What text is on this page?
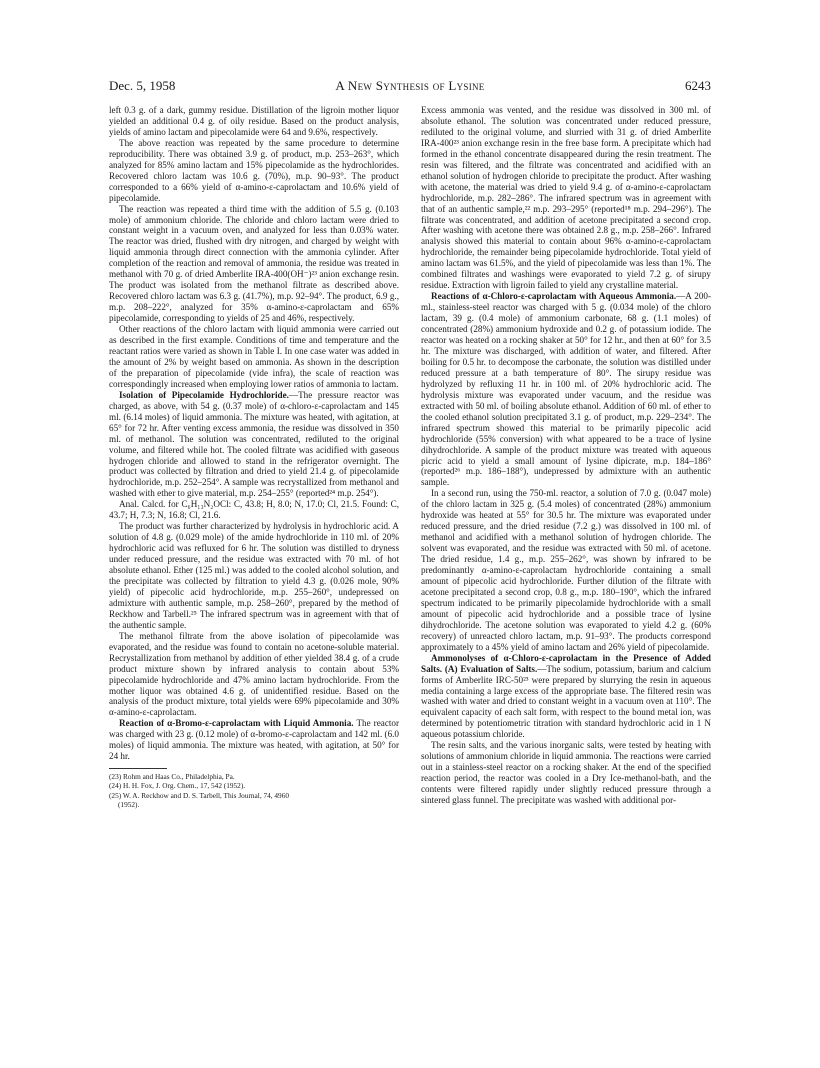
Dec. 5, 1958	A New Synthesis of Lysine	6243

left 0.3 g. of a dark, gummy residue. Distillation of the ligroin mother liquor yielded an additional 0.4 g. of oily residue. Based on the product analysis, yields of amino lactam and pipecolamide were 64 and 9.6%, respectively.

The above reaction was repeated by the same procedure to determine reproducibility. There was obtained 3.9 g. of product, m.p. 253–263°, which analyzed for 85% amino lactam and 15% pipecolamide as the hydrochlorides. Recovered chloro lactam was 10.6 g. (70%), m.p. 90–93°. The product corresponded to a 66% yield of α-amino-ε-caprolactam and 10.6% yield of pipecolamide.

The reaction was repeated a third time with the addition of 5.5 g. (0.103 mole) of ammonium chloride. The chloride and chloro lactam were dried to constant weight in a vacuum oven, and analyzed for less than 0.03% water. The reactor was dried, flushed with dry nitrogen, and charged by weight with liquid ammonia through direct connection with the ammonia cylinder. After completion of the reaction and removal of ammonia, the residue was treated in methanol with 70 g. of dried Amberlite IRA-400(OH⁻)²³ anion exchange resin. The product was isolated from the methanol filtrate as described above. Recovered chloro lactam was 6.3 g. (41.7%), m.p. 92–94°. The product, 6.9 g., m.p. 208–222°, analyzed for 35% α-amino-ε-caprolactam and 65% pipecolamide, corresponding to yields of 25 and 46%, respectively.

Other reactions of the chloro lactam with liquid ammonia were carried out as described in the first example. Conditions of time and temperature and the reactant ratios were varied as shown in Table I. In one case water was added in the amount of 2% by weight based on ammonia. As shown in the description of the preparation of pipecolamide (vide infra), the scale of reaction was correspondingly increased when employing lower ratios of ammonia to lactam.

Isolation of Pipecolamide Hydrochloride.—The pressure reactor was charged, as above, with 54 g. (0.37 mole) of α-chloro-ε-caprolactam and 145 ml. (6.14 moles) of liquid ammonia. The mixture was heated, with agitation, at 65° for 72 hr. After venting excess ammonia, the residue was dissolved in 350 ml. of methanol. The solution was concentrated, rediluted to the original volume, and filtered while hot. The cooled filtrate was acidified with gaseous hydrogen chloride and allowed to stand in the refrigerator overnight. The product was collected by filtration and dried to yield 21.4 g. of pipecolamide hydrochloride, m.p. 252–254°. A sample was recrystallized from methanol and washed with ether to give material, m.p. 254–255° (reported²⁴ m.p. 254°).

Anal. Calcd. for C₆H₁₃N₂OCl: C, 43.8; H, 8.0; N, 17.0; Cl, 21.5. Found: C, 43.7; H, 7.3; N, 16.8; Cl, 21.6.

The product was further characterized by hydrolysis in hydrochloric acid. A solution of 4.8 g. (0.029 mole) of the amide hydrochloride in 110 ml. of 20% hydrochloric acid was refluxed for 6 hr. The solution was distilled to dryness under reduced pressure, and the residue was extracted with 70 ml. of hot absolute ethanol. Ether (125 ml.) was added to the cooled alcohol solution, and the precipitate was collected by filtration to yield 4.3 g. (0.026 mole, 90% yield) of pipecolic acid hydrochloride, m.p. 255–260°, undepressed on admixture with authentic sample, m.p. 258–260°, prepared by the method of Reckhow and Tarbell.²⁵ The infrared spectrum was in agreement with that of the authentic sample.

The methanol filtrate from the above isolation of pipecolamide was evaporated, and the residue was found to contain no acetone-soluble material. Recrystallization from methanol by addition of ether yielded 38.4 g. of a crude product mixture shown by infrared analysis to contain about 53% pipecolamide hydrochloride and 47% amino lactam hydrochloride. From the mother liquor was obtained 4.6 g. of unidentified residue. Based on the analysis of the product mixture, total yields were 69% pipecolamide and 30% α-amino-ε-caprolactam.

Reaction of α-Bromo-ε-caprolactam with Liquid Ammonia. The reactor was charged with 23 g. (0.12 mole) of α-bromo-ε-caprolactam and 142 ml. (6.0 moles) of liquid ammonia. The mixture was heated, with agitation, at 50° for 24 hr.

(23) Rohm and Haas Co., Philadelphia, Pa.

(24) H. H. Fox, J. Org. Chem., 17, 542 (1952).

(25) W. A. Reckhow and D. S. Tarbell, This Journal, 74, 4960

(1952).

Excess ammonia was vented, and the residue was dissolved in 300 ml. of absolute ethanol. The solution was concentrated under reduced pressure, rediluted to the original volume, and slurried with 31 g. of dried Amberlite IRA-400²³ anion exchange resin in the free base form. A precipitate which had formed in the ethanol concentrate disappeared during the resin treatment. The resin was filtered, and the filtrate was concentrated and acidified with an ethanol solution of hydrogen chloride to precipitate the product. After washing with acetone, the material was dried to yield 9.4 g. of α-amino-ε-caprolactam hydrochloride, m.p. 282–286°. The infrared spectrum was in agreement with that of an authentic sample,²² m.p. 293–295° (reported¹⁸ m.p. 294–296°). The filtrate was concentrated, and addition of acetone precipitated a second crop. After washing with acetone there was obtained 2.8 g., m.p. 258–266°. Infrared analysis showed this material to contain about 96% α-amino-ε-caprolactam hydrochloride, the remainder being pipecolamide hydrochloride. Total yield of amino lactam was 61.5%, and the yield of pipecolamide was less than 1%. The combined filtrates and washings were evaporated to yield 7.2 g. of sirupy residue. Extraction with ligroin failed to yield any crystalline material.

Reactions of α-Chloro-ε-caprolactam with Aqueous Ammonia.—A 200-ml., stainless-steel reactor was charged with 5 g. (0.034 mole) of the chloro lactam, 39 g. (0.4 mole) of ammonium carbonate, 68 g. (1.1 moles) of concentrated (28%) ammonium hydroxide and 0.2 g. of potassium iodide. The reactor was heated on a rocking shaker at 50° for 12 hr., and then at 60° for 3.5 hr. The mixture was discharged, with addition of water, and filtered. After boiling for 0.5 hr. to decompose the carbonate, the solution was distilled under reduced pressure at a bath temperature of 80°. The sirupy residue was hydrolyzed by refluxing 11 hr. in 100 ml. of 20% hydrochloric acid. The hydrolysis mixture was evaporated under vacuum, and the residue was extracted with 50 ml. of boiling absolute ethanol. Addition of 60 ml. of ether to the cooled ethanol solution precipitated 3.1 g. of product, m.p. 229–234°. The infrared spectrum showed this material to be primarily pipecolic acid hydrochloride (55% conversion) with what appeared to be a trace of lysine dihydrochloride. A sample of the product mixture was treated with aqueous picric acid to yield a small amount of lysine dipicrate, m.p. 184–186° (reported²⁶ m.p. 186–188°), undepressed by admixture with an authentic sample.

In a second run, using the 750-ml. reactor, a solution of 7.0 g. (0.047 mole) of the chloro lactam in 325 g. (5.4 moles) of concentrated (28%) ammonium hydroxide was heated at 55° for 30.5 hr. The mixture was evaporated under reduced pressure, and the dried residue (7.2 g.) was dissolved in 100 ml. of methanol and acidified with a methanol solution of hydrogen chloride. The solvent was evaporated, and the residue was extracted with 50 ml. of acetone. The dried residue, 1.4 g., m.p. 255–262°, was shown by infrared to be predominantly α-amino-ε-caprolactam hydrochloride containing a small amount of pipecolic acid hydrochloride. Further dilution of the filtrate with acetone precipitated a second crop, 0.8 g., m.p. 180–190°, which the infrared spectrum indicated to be primarily pipecolamide hydrochloride with a small amount of pipecolic acid hydrochloride and a possible trace of lysine dihydrochloride. The acetone solution was evaporated to yield 4.2 g. (60% recovery) of unreacted chloro lactam, m.p. 91–93°. The products correspond approximately to a 45% yield of amino lactam and 26% yield of pipecolamide.

Ammonolyses of α-Chloro-ε-caprolactam in the Presence of Added Salts. (A) Evaluation of Salts.—The sodium, potassium, barium and calcium forms of Amberlite IRC-50²³ were prepared by slurrying the resin in aqueous media containing a large excess of the appropriate base. The filtered resin was washed with water and dried to constant weight in a vacuum oven at 110°. The equivalent capacity of each salt form, with respect to the bound metal ion, was determined by potentiometric titration with standard hydrochloric acid in 1 N aqueous potassium chloride.

The resin salts, and the various inorganic salts, were tested by heating with solutions of ammonium chloride in liquid ammonia. The reactions were carried out in a stainless-steel reactor on a rocking shaker. At the end of the specified reaction period, the reactor was cooled in a Dry Ice-methanol-bath, and the contents were filtered rapidly under slightly reduced pressure through a sintered glass funnel. The precipitate was washed with additional por-
